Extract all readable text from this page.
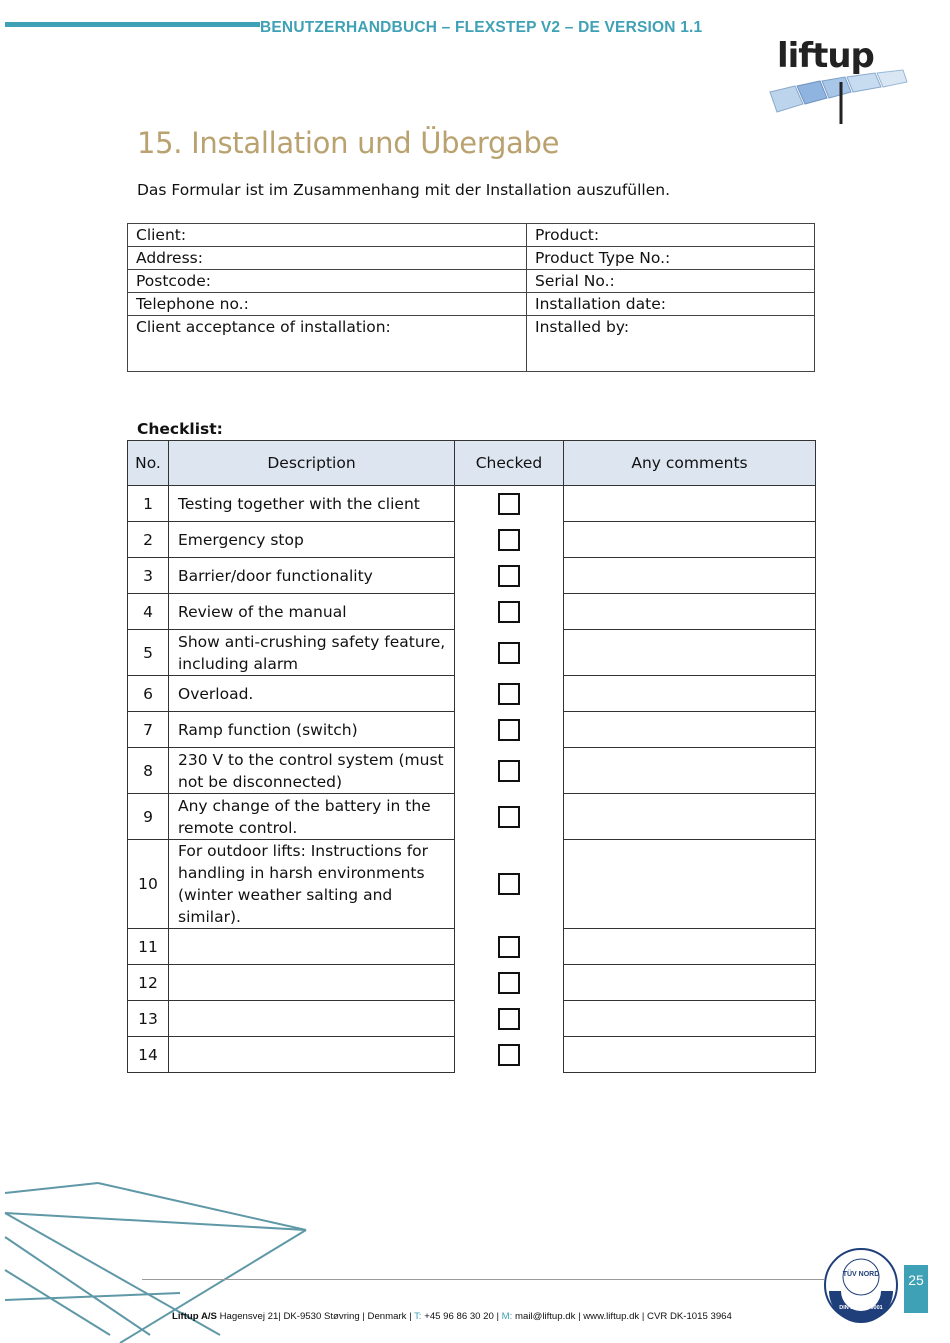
BENUTZERHANDBUCH – FLEXSTEP V2 – DE VERSION 1.1
liftup
15. Installation und Übergabe
Das Formular ist im Zusammenhang mit der Installation auszufüllen.
Client:	Product:
Address:	Product Type No.:
Postcode:	Serial No.:
Telephone no.:	Installation date:
Client acceptance of installation:	Installed by:
Checklist:
No.	Description	Checked	Any comments
1	Testing together with the client		
2	Emergency stop		
3	Barrier/door functionality		
4	Review of the manual		
5	Show anti-crushing safety feature, including alarm		
6	Overload.		
7	Ramp function (switch)		
8	230 V to the control system (must not be disconnected)		
9	Any change of the battery in the remote control.		
10	For outdoor lifts: Instructions for handling in harsh environments (winter weather salting and similar).		
11			
12			
13			
14			
Liftup A/S Hagensvej 21| DK-9530 Støvring | Denmark | T: +45 96 86 30 20 | M: mail@liftup.dk | www.liftup.dk | CVR DK-1015 3964
TÜV NORD
DIN EN ISO 9001
25
